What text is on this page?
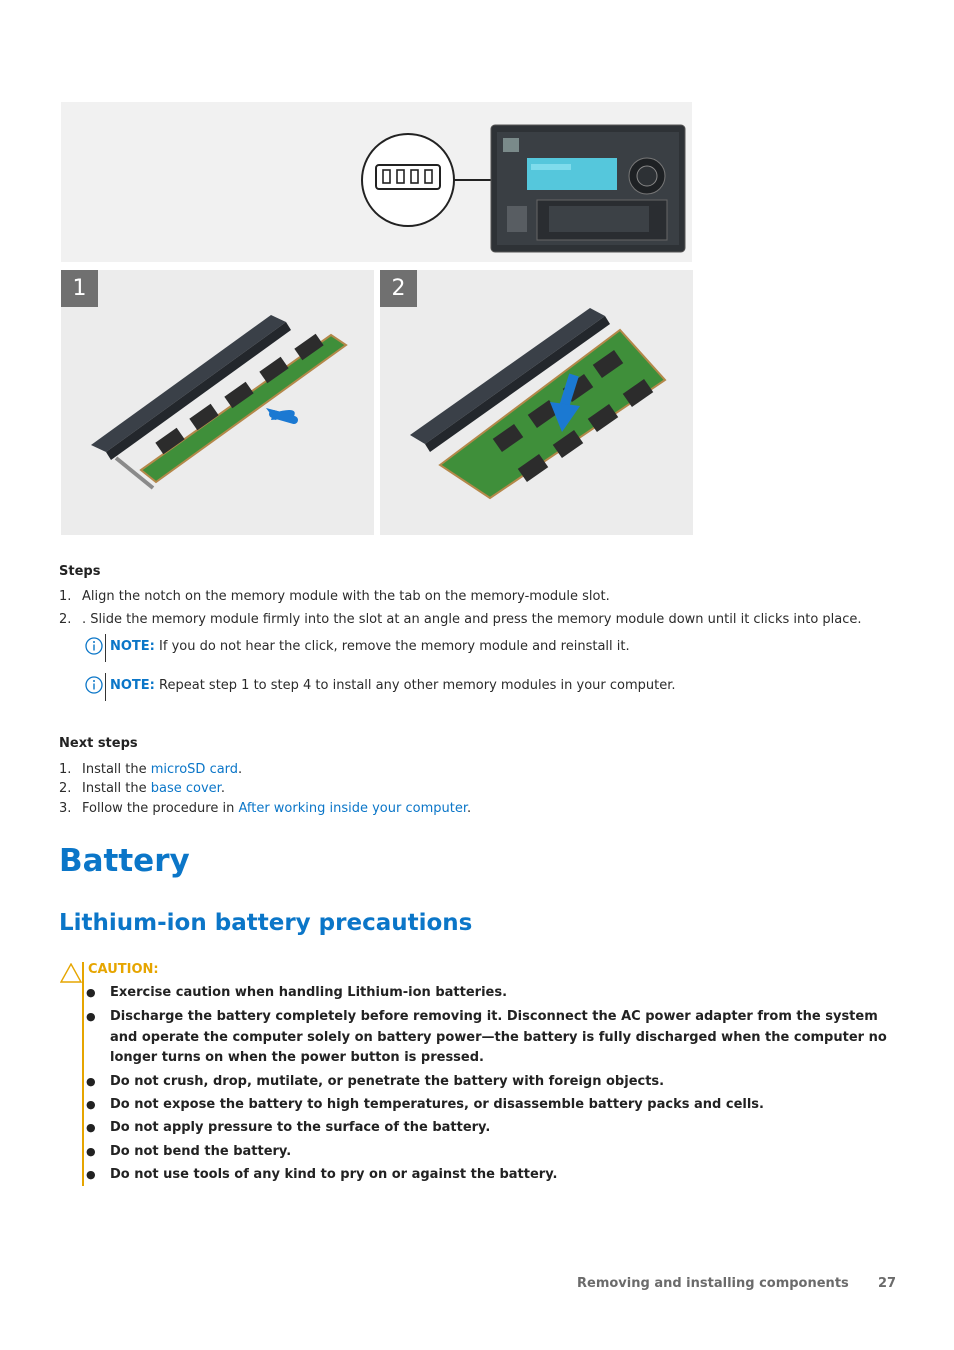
1	2
Steps
1. Align the notch on the memory module with the tab on the memory-module slot.
2. . Slide the memory module firmly into the slot at an angle and press the memory module down until it clicks into place.
NOTE: If you do not hear the click, remove the memory module and reinstall it.
NOTE: Repeat step 1 to step 4 to install any other memory modules in your computer.
Next steps
1. Install the microSD card.
2. Install the base cover.
3. Follow the procedure in After working inside your computer.
Battery
Lithium-ion battery precautions
CAUTION:
● Exercise caution when handling Lithium-ion batteries.
● Discharge the battery completely before removing it. Disconnect the AC power adapter from the system and operate the computer solely on battery power—the battery is fully discharged when the computer no longer turns on when the power button is pressed.
● Do not crush, drop, mutilate, or penetrate the battery with foreign objects.
● Do not expose the battery to high temperatures, or disassemble battery packs and cells.
● Do not apply pressure to the surface of the battery.
● Do not bend the battery.
● Do not use tools of any kind to pry on or against the battery.
Removing and installing components 27
